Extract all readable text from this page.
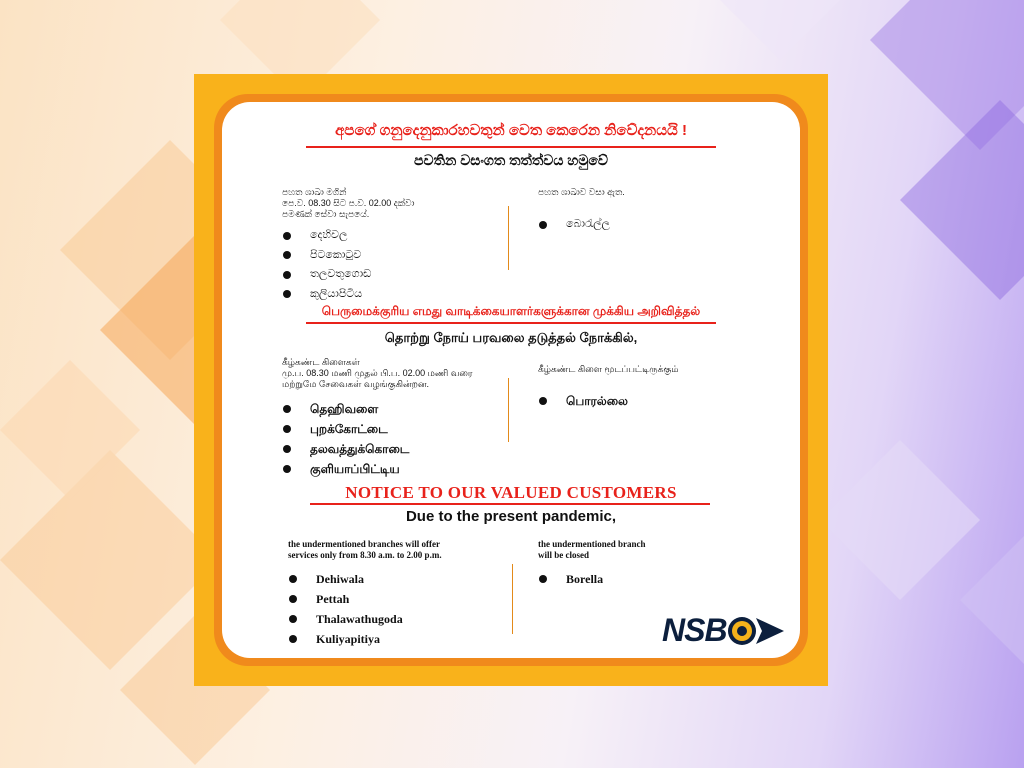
අපගේ ගනුදෙනුකාරහවතුන් වෙත කෙරෙන නිවේදනයයි !
පවතින වසංගත තත්ත්වය හමුවේ
පහත ශාඛා මගින්
පෙ.ව. 08.30 සිට ප.ව. 02.00 දක්වා
පමණක් සේවා සැපයේ.
දෙහිවල
පිටකොටුව
තලවතුගොඩ
කුලියාපිටිය
පහත ශාඛාව වසා ඇත.
බොරැල්ල
பெருமைக்குரிய எமது வாடிக்கையாளர்களுக்கான முக்கிய அறிவித்தல்
தொற்று நோய் பரவலை தடுத்தல் நோக்கில்,
கீழ்கண்ட கிளைகள்
மு.ப. 08.30 மணி முதல் பி.ப. 02.00 மணி வரை
மற்றுமே சேவைகள் வழங்குகின்றன.
தெஹிவளை
புறக்கோட்டை
தலவத்துக்கொடை
குளியாப்பிட்டிய
கீழ்கண்ட கிளை மூடப்பட்டிருக்கும்
பொரல்லை
NOTICE TO OUR VALUED CUSTOMERS
Due to the present pandemic,
the undermentioned branches will offer
services only from 8.30 a.m. to 2.00 p.m.
Dehiwala
Pettah
Thalawathugoda
Kuliyapitiya
the undermentioned branch
will be closed
Borella
NSB
